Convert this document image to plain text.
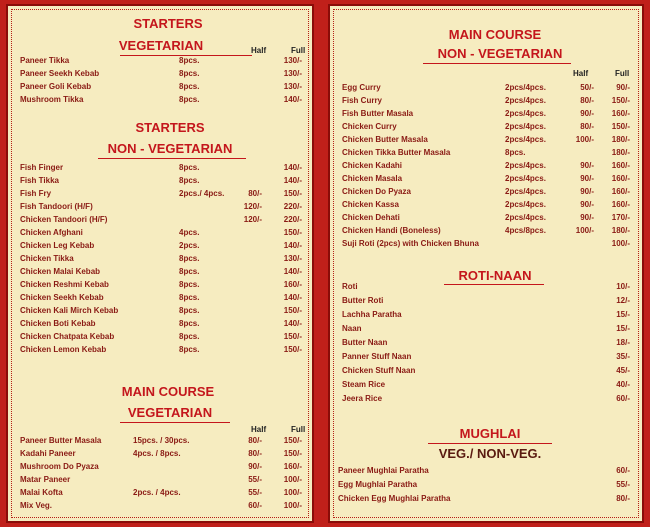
STARTERS
VEGETARIAN	Half	Full
Paneer Tikka	8pcs.	130/-
Paneer Seekh Kebab	8pcs.	130/-
Paneer Goli Kebab	8pcs.	130/-
Mushroom Tikka	8pcs.	140/-
STARTERS
NON - VEGETARIAN
Fish Finger	8pcs.	140/-
Fish Tikka	8pcs.	140/-
Fish Fry	2pcs./ 4pcs.	80/-	150/-
Fish Tandoori (H/F)	120/-	220/-
Chicken Tandoori (H/F)	120/-	220/-
Chicken Afghani	4pcs.	150/-
Chicken Leg Kebab	2pcs.	140/-
Chicken Tikka	8pcs.	130/-
Chicken Malai Kebab	8pcs.	140/-
Chicken Reshmi Kebab	8pcs.	160/-
Chicken Seekh Kebab	8pcs.	140/-
Chicken Kali Mirch Kebab	8pcs.	150/-
Chicken Boti Kebab	8pcs.	140/-
Chicken Chatpata Kebab	8pcs.	150/-
Chicken Lemon Kebab	8pcs.	150/-
MAIN COURSE
VEGETARIAN
Half	Full
Paneer Butter Masala	15pcs. / 30pcs.	80/-	150/-
Kadahi Paneer	4pcs. / 8pcs.	80/-	150/-
Mushroom Do Pyaza	90/-	160/-
Matar Paneer	55/-	100/-
Malai Kofta	2pcs. / 4pcs.	55/-	100/-
Mix Veg.	60/-	100/-
MAIN COURSE
NON - VEGETARIAN
Half	Full
Egg Curry	2pcs/4pcs.	50/-	90/-
Fish Curry	2pcs/4pcs.	80/- 150/-
Fish Butter Masala	2pcs/4pcs.	90/- 160/-
Chicken Curry	2pcs/4pcs.	80/- 150/-
Chicken Butter Masala	2pcs/4pcs.	100/- 180/-
Chicken Tikka Butter Masala	8pcs.	180/-
Chicken Kadahi	2pcs/4pcs.	90/- 160/-
Chicken Masala	2pcs/4pcs.	90/- 160/-
Chicken Do Pyaza	2pcs/4pcs.	90/- 160/-
Chicken Kassa	2pcs/4pcs.	90/- 160/-
Chicken Dehati	2pcs/4pcs.	90/- 170/-
Chicken Handi (Boneless)	4pcs/8pcs.	100/- 180/-
Suji Roti (2pcs) with Chicken Bhuna	100/-
ROTI-NAAN
Roti	10/-
Butter Roti	12/-
Lachha Paratha	15/-
Naan	15/-
Butter Naan	18/-
Panner Stuff Naan	35/-
Chicken Stuff Naan	45/-
Steam Rice	40/-
Jeera Rice	60/-
MUGHLAI
VEG./ NON-VEG.
Paneer Mughlai Paratha	60/-
Egg Mughlai Paratha	55/-
Chicken Egg Mughlai Paratha	80/-
